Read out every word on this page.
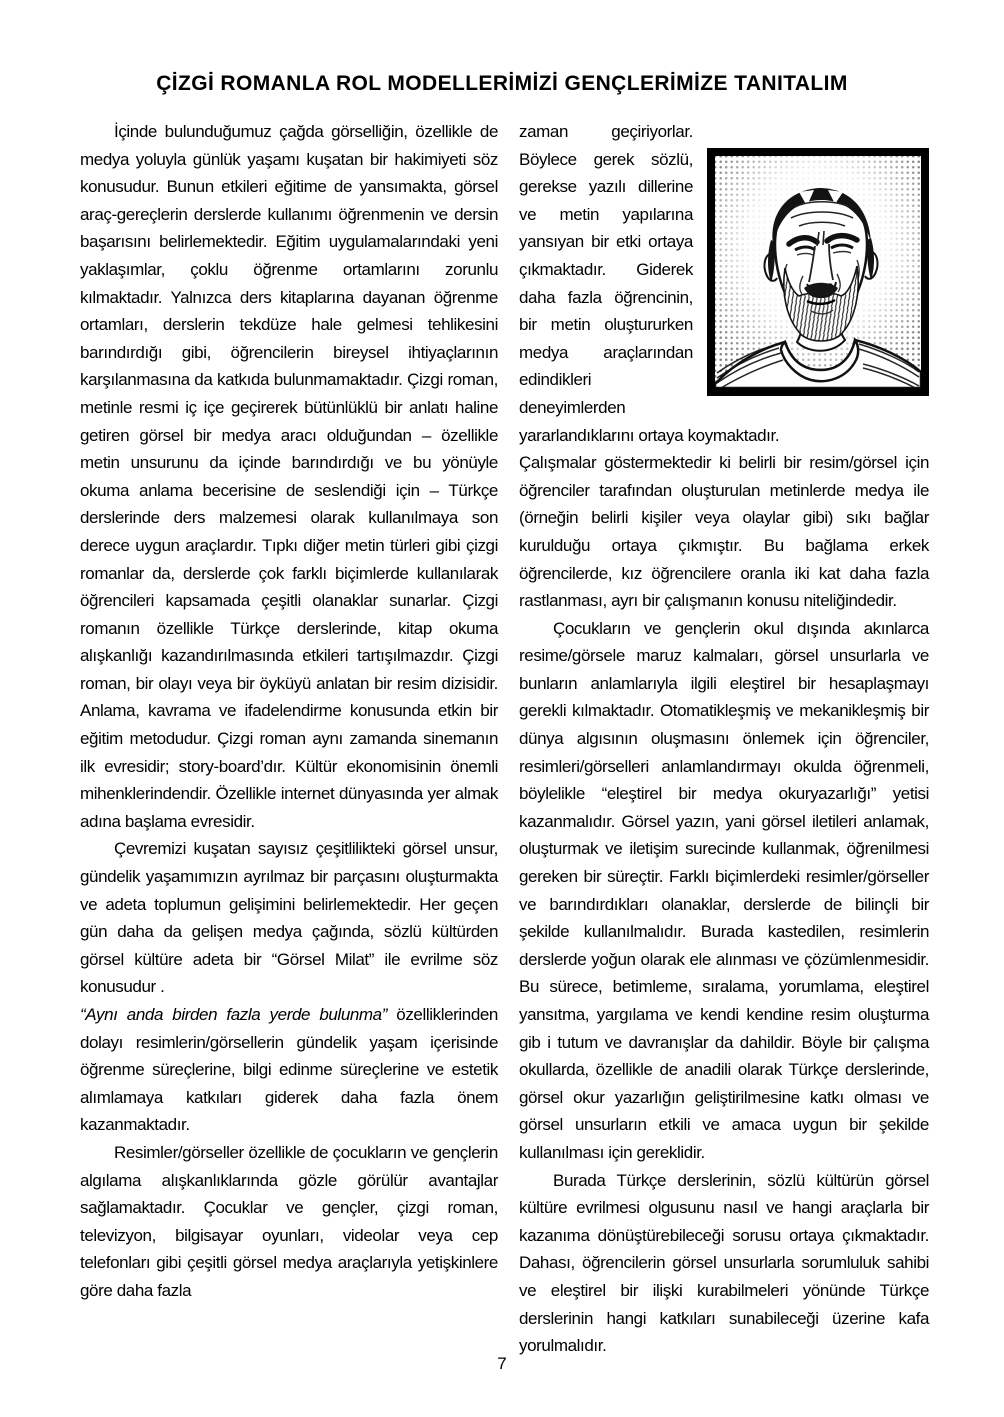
ÇİZGİ ROMANLA ROL MODELLERİMİZİ GENÇLERİMİZE TANITALIM

İçinde bulunduğumuz çağda görselliğin, özellikle de medya yoluyla günlük yaşamı kuşatan bir hakimiyeti söz konusudur. Bunun etkileri eğitime de yansımakta, görsel araç-gereçlerin derslerde kullanımı öğrenmenin ve dersin başarısını belirlemektedir. Eğitim uygulamalarındaki yeni yaklaşımlar, çoklu öğrenme ortamlarını zorunlu kılmaktadır. Yalnızca ders kitaplarına dayanan öğrenme ortamları, derslerin tekdüze hale gelmesi tehlikesini barındırdığı gibi, öğrencilerin bireysel ihtiyaçlarının karşılanmasına da katkıda bulunmamaktadır. Çizgi roman, metinle resmi iç içe geçirerek bütünlüklü bir anlatı haline getiren görsel bir medya aracı olduğundan – özellikle metin unsurunu da içinde barındırdığı ve bu yönüyle okuma anlama becerisine de seslendiği için – Türkçe derslerinde ders malzemesi olarak kullanılmaya son derece uygun araçlardır. Tıpkı diğer metin türleri gibi çizgi romanlar da, derslerde çok farklı biçimlerde kullanılarak öğrencileri kapsamada çeşitli olanaklar sunarlar. Çizgi romanın özellikle Türkçe derslerinde, kitap okuma alışkanlığı kazandırılmasında etkileri tartışılmazdır. Çizgi roman, bir olayı veya bir öyküyü anlatan bir resim dizisidir. Anlama, kavrama ve ifadelendirme konusunda etkin bir eğitim metodudur. Çizgi roman aynı zamanda sinemanın ilk evresidir; story-board’dır. Kültür ekonomisinin önemli mihenklerindendir. Özellikle internet dünyasında yer almak adına başlama evresidir.

Çevremizi kuşatan sayısız çeşitlilikteki görsel unsur, gündelik yaşamımızın ayrılmaz bir parçasını oluşturmakta ve adeta toplumun gelişimini belirlemektedir. Her geçen gün daha da gelişen medya çağında, sözlü kültürden görsel kültüre adeta bir “Görsel Milat” ile evrilme söz konusudur .

“Aynı anda birden fazla yerde bulunma” özelliklerinden dolayı resimlerin/görsellerin gündelik yaşam içerisinde öğrenme süreçlerine, bilgi edinme süreçlerine ve estetik alımlamaya katkıları giderek daha fazla önem kazanmaktadır.

Resimler/görseller özellikle de çocukların ve gençlerin algılama alışkanlıklarında gözle görülür avantajlar sağlamaktadır. Çocuklar ve gençler, çizgi roman, televizyon, bilgisayar oyunları, videolar veya cep telefonları gibi çeşitli görsel medya araçlarıyla yetişkinlere göre daha fazla

zaman geçiriyorlar. Böylece gerek sözlü, gerekse yazılı dillerine ve metin yapılarına yansıyan bir etki ortaya çıkmaktadır. Giderek daha fazla öğrencinin, bir metin oluştururken medya araçlarından edindikleri deneyimlerden yararlandıklarını ortaya koymaktadır.

Çalışmalar göstermektedir ki belirli bir resim/görsel için öğrenciler tarafından oluşturulan metinlerde medya ile (örneğin belirli kişiler veya olaylar gibi) sıkı bağlar kurulduğu ortaya çıkmıştır. Bu bağlama erkek öğrencilerde, kız öğrencilere oranla iki kat daha fazla rastlanması, ayrı bir çalışmanın konusu niteliğindedir.

Çocukların ve gençlerin okul dışında akınlarca resime/görsele maruz kalmaları, görsel unsurlarla ve bunların anlamlarıyla ilgili eleştirel bir hesaplaşmayı gerekli kılmaktadır. Otomatikleşmiş ve mekanikleşmiş bir dünya algısının oluşmasını önlemek için öğrenciler, resimleri/görselleri anlamlandırmayı okulda öğrenmeli, böylelikle “eleştirel bir medya okuryazarlığı” yetisi kazanmalıdır. Görsel yazın, yani görsel iletileri anlamak, oluşturmak ve iletişim surecinde kullanmak, öğrenilmesi gereken bir süreçtir. Farklı biçimlerdeki resimler/görseller ve barındırdıkları olanaklar, derslerde de bilinçli bir şekilde kullanılmalıdır. Burada kastedilen, resimlerin derslerde yoğun olarak ele alınması ve çözümlenmesidir. Bu sürece, betimleme, sıralama, yorumlama, eleştirel yansıtma, yargılama ve kendi kendine resim oluşturma gib i tutum ve davranışlar da dahildir. Böyle bir çalışma okullarda, özellikle de anadili olarak Türkçe derslerinde, görsel okur yazarlığın geliştirilmesine katkı olması ve görsel unsurların etkili ve amaca uygun bir şekilde kullanılması için gereklidir.

Burada Türkçe derslerinin, sözlü kültürün görsel kültüre evrilmesi olgusunu nasıl ve hangi araçlarla bir kazanıma dönüştürebileceği sorusu ortaya çıkmaktadır. Dahası, öğrencilerin görsel unsurlarla sorumluluk sahibi ve eleştirel bir ilişki kurabilmeleri yönünde Türkçe derslerinin hangi katkıları sunabileceği üzerine kafa yorulmalıdır.

7
